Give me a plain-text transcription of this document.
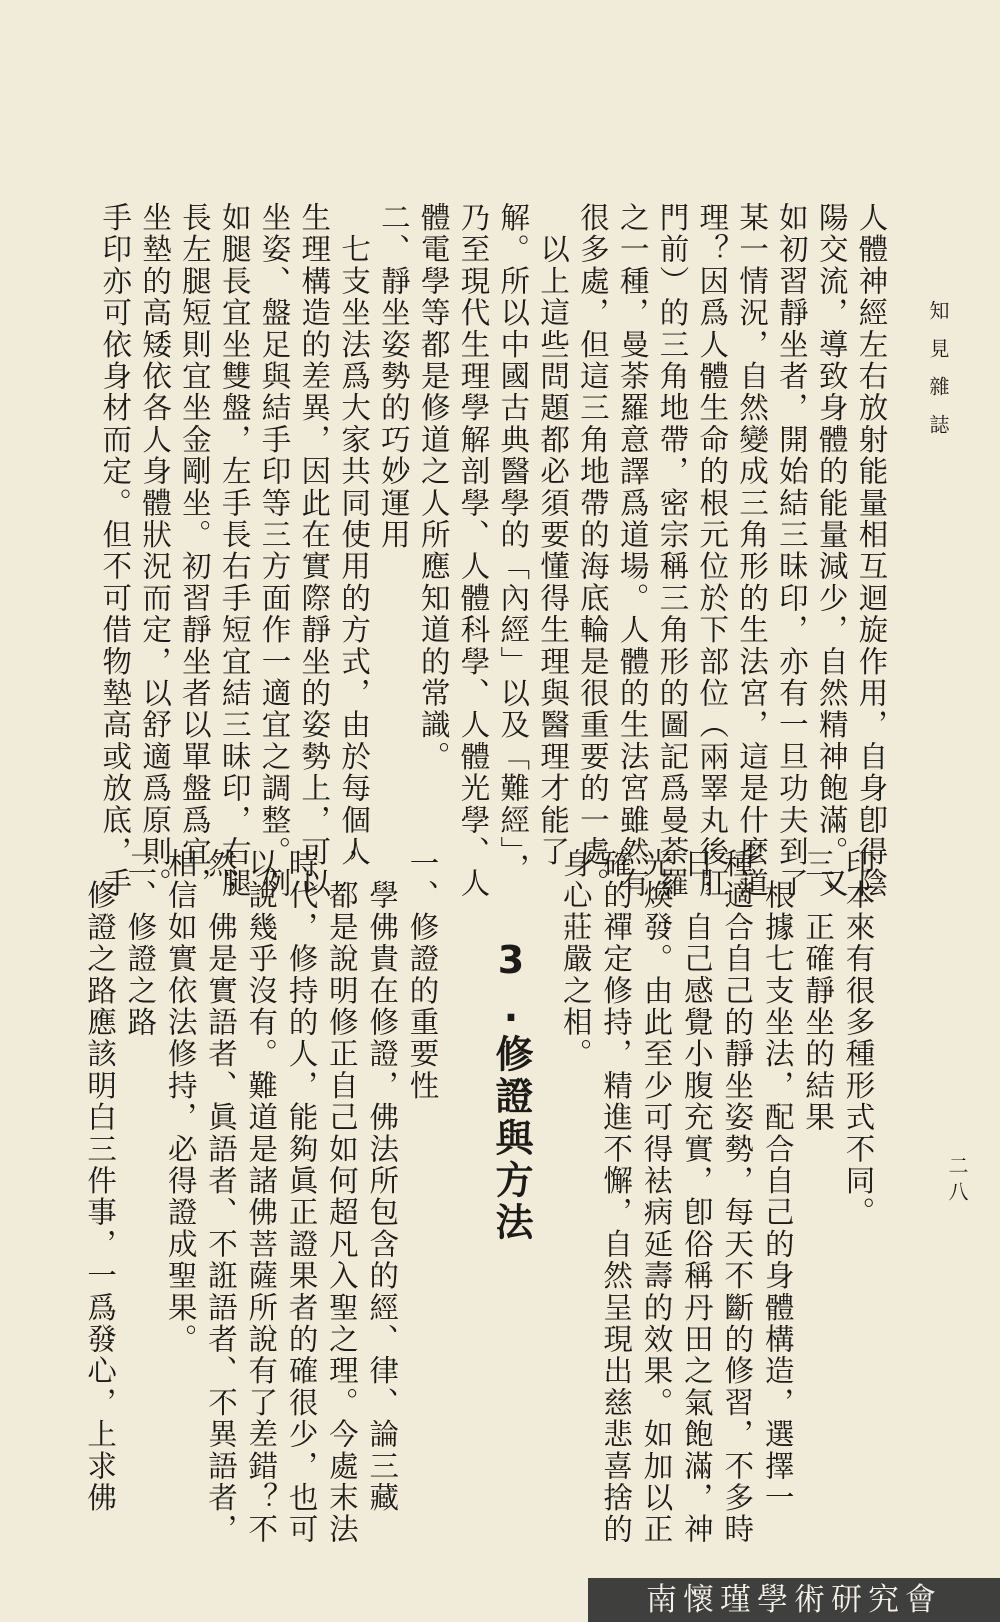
知見雜誌
二八
人體神經左右放射能量相互迴旋作用，自身卽得陰
陽交流，導致身體的能量減少，自然精神飽滿。又
如初習靜坐者，開始結三昧印，亦有一旦功夫到了
某一情況，自然變成三角形的生法宮，這是什麼道
理？因爲人體生命的根元位於下部位（兩睪丸後肛
門前）的三角地帶，密宗稱三角形的圖記爲曼荼羅
之一種，曼荼羅意譯爲道場。人體的生法宮雖然有
很多處，但這三角地帶的海底輪是很重要的一處。
　以上這些問題都必須要懂得生理與醫理才能了
解。所以中國古典醫學的「內經」以及「難經」，
乃至現代生理學解剖學、人體科學、人體光學、人
體電學等都是修道之人所應知道的常識。
二、靜坐姿勢的巧妙運用
　七支坐法爲大家共同使用的方式，由於每個人
生理構造的差異，因此在實際靜坐的姿勢上，可以
坐姿、盤足與結手印等三方面作一適宜之調整。例
如腿長宜坐雙盤，左手長右手短宜結三昧印，右腿
長左腿短則宜坐金剛坐。初習靜坐者以單盤爲宜，
坐墊的高矮依各人身體狀況而定，以舒適爲原則。
手印亦可依身材而定。但不可借物墊高或放底，手
印本來有很多種形式不同。
三、正確靜坐的結果
　根據七支坐法，配合自己的身體構造，選擇一
種適合自己的靜坐姿勢，每天不斷的修習，不多時
日，自己感覺小腹充實，卽俗稱丹田之氣飽滿，神
光煥發。由此至少可得袪病延壽的效果。如加以正
確的禪定修持，精進不懈，自然呈現出慈悲喜捨的
身心莊嚴之相。
一、修證的重要性
　學佛貴在修證，佛法所包含的經、律、論三藏
，都是說明修正自己如何超凡入聖之理。今處末法
時代，修持的人，能夠眞正證果者的確很少，也可
以說幾乎沒有。難道是諸佛菩薩所說有了差錯？不
然，佛是實語者、眞語者、不誑語者、不異語者，
相信如實依法修持，必得證成聖果。
二、修證之路
　修證之路應該明白三件事，一爲發心，上求佛	3.修證與方法
南懷瑾學術研究會
